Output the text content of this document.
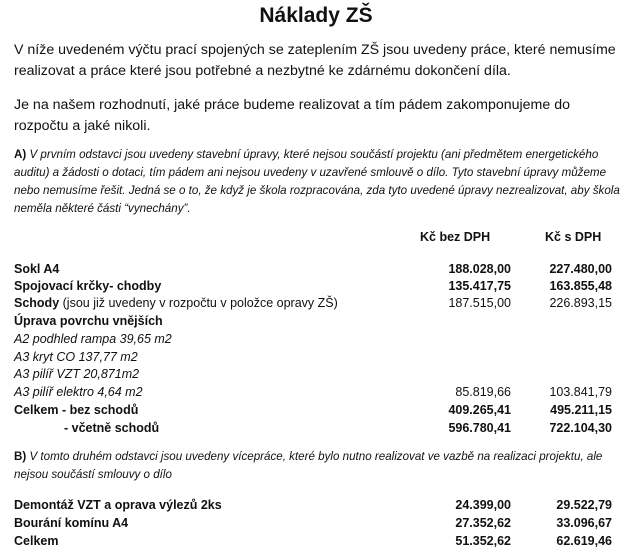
Náklady ZŠ
V níže uvedeném výčtu prací spojených se zateplením ZŠ jsou uvedeny práce, které nemusíme realizovat a práce které jsou potřebné a nezbytné ke zdárnému dokončení díla.
Je na našem rozhodnutí, jaké práce budeme realizovat a tím pádem zakomponujeme do rozpočtu a jaké nikoli.
A) V prvním odstavci jsou uvedeny stavební úpravy, které nejsou součástí projektu (ani předmětem energetického auditu) a žádosti o dotaci, tím pádem ani nejsou uvedeny v uzavřené smlouvě o dílo. Tyto stavební úpravy můžeme nebo nemusíme řešit. Jedná se o to, že když je škola rozpracována, zda tyto uvedené úpravy nezrealizovat, aby škola neměla některé části “vynechány”.
Kč bez DPH	Kč s DPH
Sokl A4	188.028,00	227.480,00
Spojovací krčky- chodby	135.417,75	163.855,48
Schody (jsou již uvedeny v rozpočtu v položce opravy ZŠ)	187.515,00	226.893,15
Úprava povrchu vnějších
A2 podhled rampa 39,65 m2
A3 kryt CO 137,77 m2
A3 pilíř VZT 20,871m2
A3 pilíř elektro 4,64 m2	85.819,66	103.841,79
Celkem - bez schodů	409.265,41	495.211,15
- včetně schodů	596.780,41	722.104,30
B) V tomto druhém odstavci jsou uvedeny vícepráce, které bylo nutno realizovat ve vazbě na realizaci projektu, ale nejsou součástí smlouvy o dílo
Demontáž VZT a oprava výlezů 2ks	24.399,00	29.522,79
Bourání komínu A4	27.352,62	33.096,67
Celkem	51.352,62	62.619,46
